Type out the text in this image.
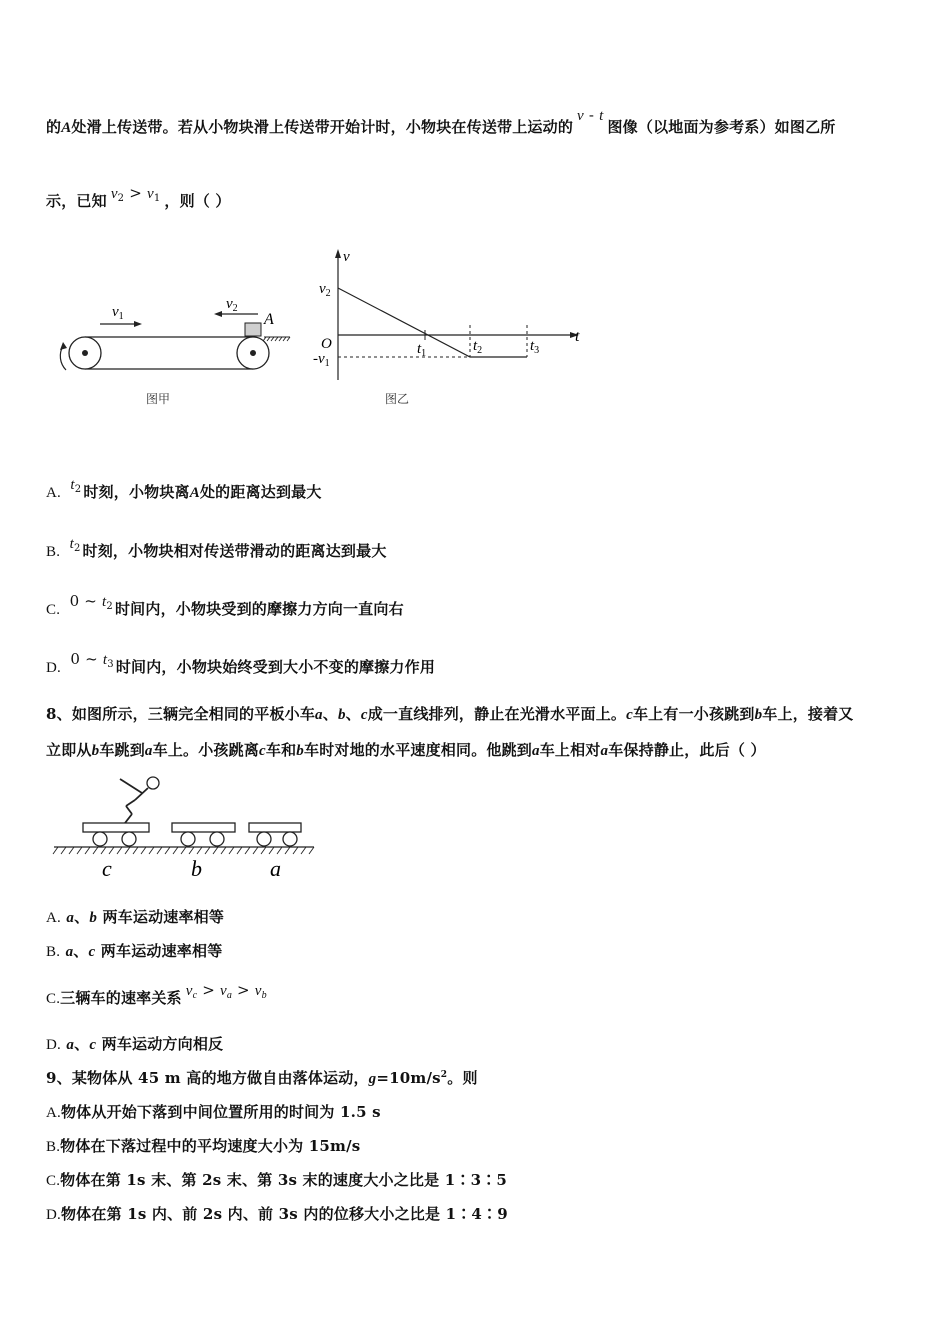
的A处滑上传送带。若从小物块滑上传送带开始计时，小物块在传送带上运动的v - t图像（以地面为参考系）如图乙所
示，已知 $v_2 > v_1$ ，则（ ）
$v_1$
$v_2$
A
图甲
v
t
O
$v_2$
$-v_1$
$t_1$	$t_2$	$t_3$
图乙
A. $t_2$ 时刻，小物块离A处的距离达到最大
B. $t_2$ 时刻，小物块相对传送带滑动的距离达到最大
C. 0 ~ $t_2$ 时间内，小物块受到的摩擦力方向一直向右
D. 0 ~ $t_3$ 时间内，小物块始终受到大小不变的摩擦力作用
8、如图所示，三辆完全相同的平板小车a、b、c成一直线排列，静止在光滑水平面上。c车上有一小孩跳到b车上，接着又
立即从b车跳到a车上。小孩跳离c车和b车时对地的水平速度相同。他跳到a车上相对a车保持静止，此后（ ）
c	b	a
A. a、b 两车运动速率相等
B. a、c 两车运动速率相等
C.三辆车的速率关系 $v_c > v_a > v_b$
D. a、c 两车运动方向相反
9、某物体从 45 m 高的地方做自由落体运动，$g=10m/s^2$。则
A.物体从开始下落到中间位置所用的时间为 1.5 s
B.物体在下落过程中的平均速度大小为 15m/s
C.物体在第 1s 末、第 2s 末、第 3s 末的速度大小之比是 1∶3∶5
D.物体在第 1s 内、前 2s 内、前 3s 内的位移大小之比是 1∶4∶9
